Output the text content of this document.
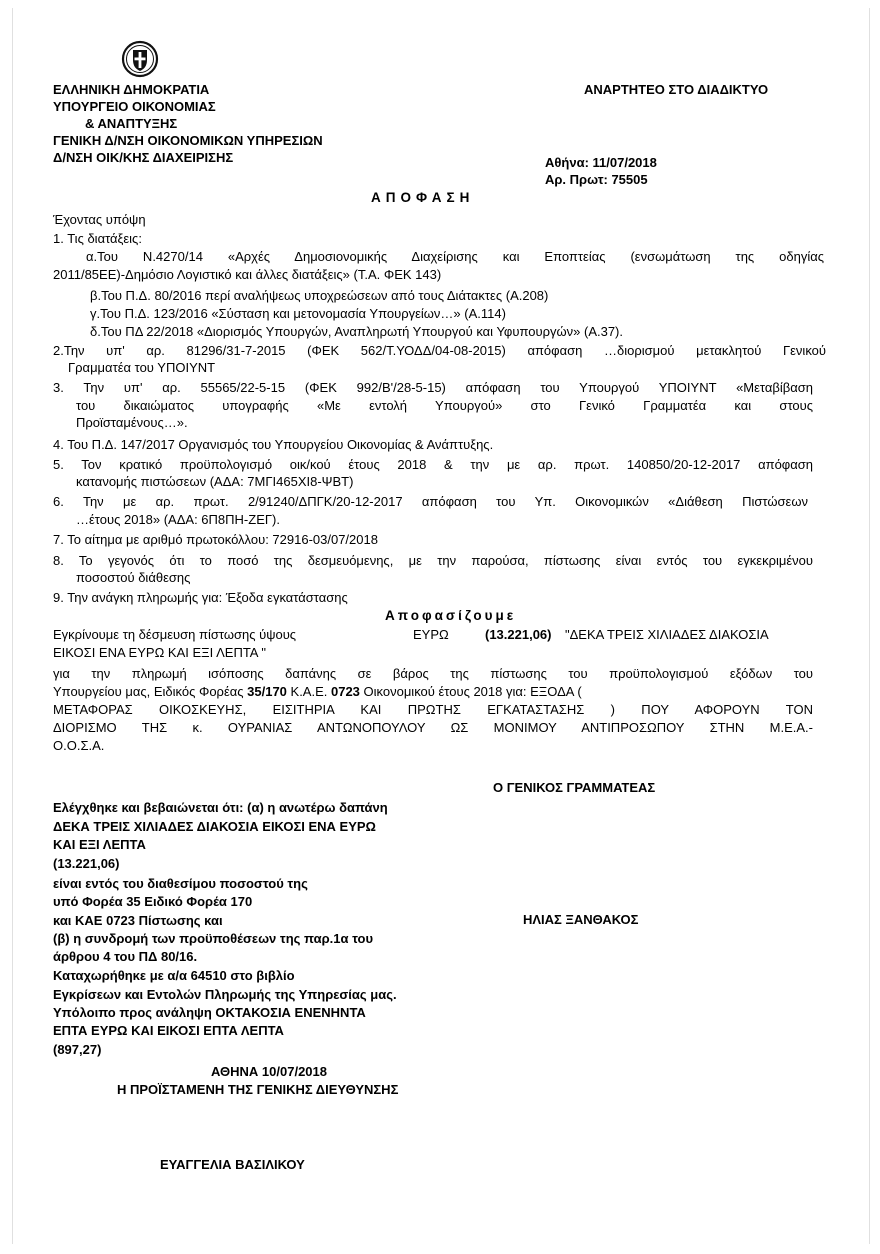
ΕΛΛΗΝΙΚΗ ΔΗΜΟΚΡΑΤΙΑ
ΥΠΟΥΡΓΕΙΟ ΟΙΚΟΝΟΜΙΑΣ
& ΑΝΑΠΤΥΞΗΣ
ΓΕΝΙΚΗ Δ/ΝΣΗ ΟΙΚΟΝΟΜΙΚΩΝ ΥΠΗΡΕΣΙΩΝ
Δ/ΝΣΗ ΟΙΚ/ΚΗΣ ΔΙΑΧΕΙΡΙΣΗΣ
ΑΝΑΡΤΗΤΕΟ ΣΤΟ ΔΙΑΔΙΚΤΥΟ
Αθήνα: 11/07/2018
Αρ. Πρωτ: 75505
ΑΠΟΦΑΣΗ
Έχοντας υπόψη
1. Τις διατάξεις:
α.Του Ν.4270/14 «Αρχές Δημοσιονομικής Διαχείρισης και Εποπτείας (ενσωμάτωση της οδηγίας
2011/85ΕΕ)-Δημόσιο Λογιστικό και άλλες διατάξεις» (Τ.Α. ΦΕΚ 143)
β.Του Π.Δ. 80/2016 περί αναλήψεως υποχρεώσεων από τους Διάτακτες (Α.208)
γ.Του Π.Δ. 123/2016 «Σύσταση και μετονομασία Υπουργείων…» (Α.114)
δ.Του ΠΔ 22/2018 «Διορισμός Υπουργών, Αναπληρωτή Υπουργού και Υφυπουργών» (Α.37).
2.Την υπ' αρ. 81296/31-7-2015 (ΦΕΚ 562/Τ.ΥΟΔΔ/04-08-2015) απόφαση …διορισμού μετακλητού Γενικού
Γραμματέα του ΥΠΟΙΥΝΤ
3. Την υπ' αρ. 55565/22-5-15 (ΦΕΚ 992/Β'/28-5-15) απόφαση του Υπουργού ΥΠΟΙΥΝΤ «Μεταβίβαση
του δικαιώματος υπογραφής «Με εντολή Υπουργού» στο Γενικό Γραμματέα και στους
Προϊσταμένους…».
4. Του Π.Δ. 147/2017 Οργανισμός του Υπουργείου Οικονομίας & Ανάπτυξης.
5. Τον κρατικό προϋπολογισμό οικ/κού έτους 2018 & την με αρ. πρωτ. 140850/20-12-2017 απόφαση
κατανομής πιστώσεων (ΑΔΑ: 7ΜΓΙ465ΧΙ8-ΨΒΤ)
6. Την με αρ. πρωτ. 2/91240/ΔΠΓΚ/20-12-2017 απόφαση του Υπ. Οικονομικών «Διάθεση Πιστώσεων
…έτους 2018» (ΑΔΑ: 6Π8ΠΗ-ΖΕΓ).
7. Το αίτημα με αριθμό πρωτοκόλλου: 72916-03/07/2018
8. Το γεγονός ότι το ποσό της δεσμευόμενης, με την παρούσα, πίστωσης είναι εντός του εγκεκριμένου
ποσοστού διάθεσης
9. Την ανάγκη πληρωμής για: Έξοδα εγκατάστασης
Αποφασίζουμε
Εγκρίνουμε τη δέσμευση πίστωσης ύψους	ΕΥΡΩ	(13.221,06) "ΔΕΚΑ ΤΡΕΙΣ ΧΙΛΙΑΔΕΣ ΔΙΑΚΟΣΙΑ
ΕΙΚΟΣΙ ΕΝΑ ΕΥΡΩ ΚΑΙ ΕΞΙ ΛΕΠΤΑ "
για την πληρωμή ισόποσης δαπάνης σε βάρος της πίστωσης του προϋπολογισμού εξόδων του
Υπουργείου μας, Ειδικός Φορέας 35/170 Κ.Α.Ε. 0723 Οικονομικού έτους 2018 για: ΕΞΟΔΑ (
ΜΕΤΑΦΟΡΑΣ ΟΙΚΟΣΚΕΥΗΣ, ΕΙΣΙΤΗΡΙΑ ΚΑΙ ΠΡΩΤΗΣ ΕΓΚΑΤΑΣΤΑΣΗΣ ) ΠΟΥ ΑΦΟΡΟΥΝ ΤΟΝ
ΔΙΟΡΙΣΜΟ ΤΗΣ κ. ΟΥΡΑΝΙΑΣ ΑΝΤΩΝΟΠΟΥΛΟΥ ΩΣ ΜΟΝΙΜΟΥ ΑΝΤΙΠΡΟΣΩΠΟΥ ΣΤΗΝ Μ.Ε.Α.-
Ο.Ο.Σ.Α.
Ο ΓΕΝΙΚΟΣ ΓΡΑΜΜΑΤΕΑΣ
ΗΛΙΑΣ ΞΑΝΘΑΚΟΣ
Ελέγχθηκε και βεβαιώνεται ότι: (α) η ανωτέρω δαπάνη
ΔΕΚΑ ΤΡΕΙΣ ΧΙΛΙΑΔΕΣ ΔΙΑΚΟΣΙΑ ΕΙΚΟΣΙ ΕΝΑ ΕΥΡΩ
ΚΑΙ ΕΞΙ ΛΕΠΤΑ
(13.221,06)
είναι εντός του διαθεσίμου ποσοστού της
υπό Φορέα 35 Ειδικό Φορέα 170
και ΚΑΕ 0723 Πίστωσης και
(β) η συνδρομή των προϋποθέσεων της παρ.1α του
άρθρου 4 του ΠΔ 80/16.
Καταχωρήθηκε με α/α 64510 στο βιβλίο
Εγκρίσεων και Εντολών Πληρωμής της Υπηρεσίας μας.
Υπόλοιπο προς ανάληψη ΟΚΤΑΚΟΣΙΑ ΕΝΕΝΗΝΤΑ
ΕΠΤΑ ΕΥΡΩ ΚΑΙ ΕΙΚΟΣΙ ΕΠΤΑ ΛΕΠΤΑ
(897,27)
ΑΘΗΝΑ 10/07/2018
Η ΠΡΟΪΣΤΑΜΕΝΗ ΤΗΣ ΓΕΝΙΚΗΣ ΔΙΕΥΘΥΝΣΗΣ
ΕΥΑΓΓΕΛΙΑ ΒΑΣΙΛΙΚΟΥ
